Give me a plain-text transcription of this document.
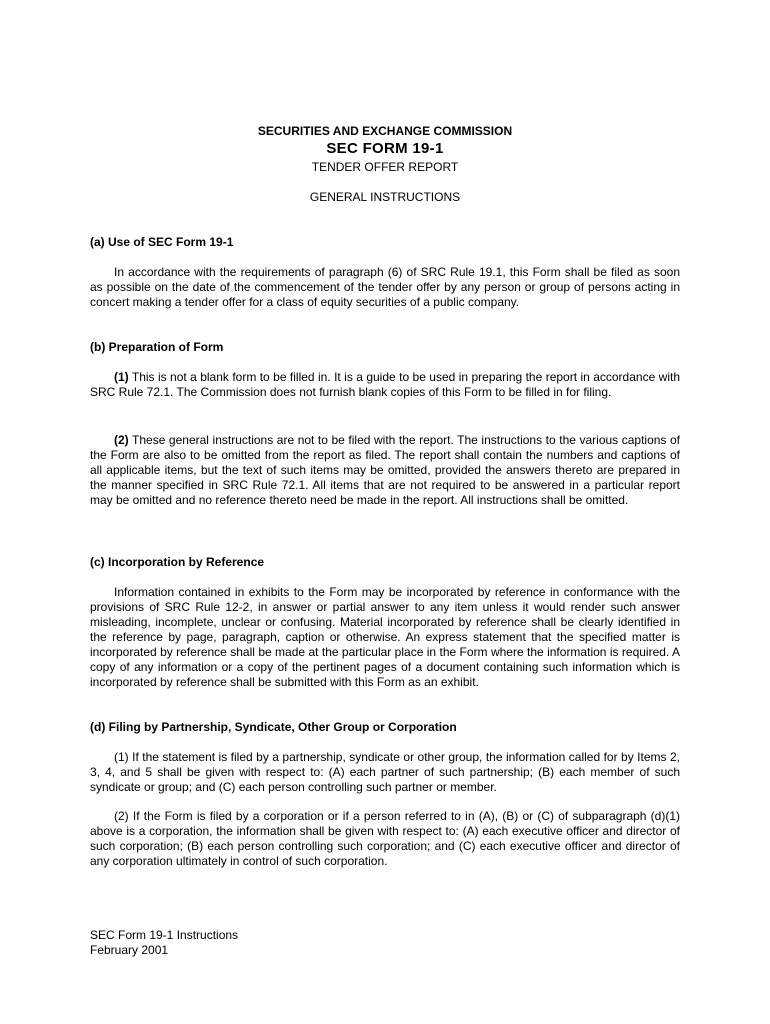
SECURITIES AND EXCHANGE COMMISSION
SEC FORM 19-1
TENDER OFFER REPORT
GENERAL INSTRUCTIONS
(a) Use of SEC Form 19-1

In accordance with the requirements of paragraph (6) of SRC Rule 19.1, this Form shall be filed as soon as possible on the date of the commencement of the tender offer by any person or group of persons acting in concert making a tender offer for a class of equity securities of a public company.

(b) Preparation of Form

(1) This is not a blank form to be filled in. It is a guide to be used in preparing the report in accordance with SRC Rule 72.1. The Commission does not furnish blank copies of this Form to be filled in for filing.

(2) These general instructions are not to be filed with the report. The instructions to the various captions of the Form are also to be omitted from the report as filed. The report shall contain the numbers and captions of all applicable items, but the text of such items may be omitted, provided the answers thereto are prepared in the manner specified in SRC Rule 72.1. All items that are not required to be answered in a particular report may be omitted and no reference thereto need be made in the report. All instructions shall be omitted.

(c) Incorporation by Reference

Information contained in exhibits to the Form may be incorporated by reference in conformance with the provisions of SRC Rule 12-2, in answer or partial answer to any item unless it would render such answer misleading, incomplete, unclear or confusing. Material incorporated by reference shall be clearly identified in the reference by page, paragraph, caption or otherwise. An express statement that the specified matter is incorporated by reference shall be made at the particular place in the Form where the information is required. A copy of any information or a copy of the pertinent pages of a document containing such information which is incorporated by reference shall be submitted with this Form as an exhibit.

(d) Filing by Partnership, Syndicate, Other Group or Corporation

(1) If the statement is filed by a partnership, syndicate or other group, the information called for by Items 2, 3, 4, and 5 shall be given with respect to: (A) each partner of such partnership; (B) each member of such syndicate or group; and (C) each person controlling such partner or member.

(2) If the Form is filed by a corporation or if a person referred to in (A), (B) or (C) of subparagraph (d)(1) above is a corporation, the information shall be given with respect to: (A) each executive officer and director of such corporation; (B) each person controlling such corporation; and (C) each executive officer and director of any corporation ultimately in control of such corporation.

SEC Form 19-1 Instructions
February 2001
